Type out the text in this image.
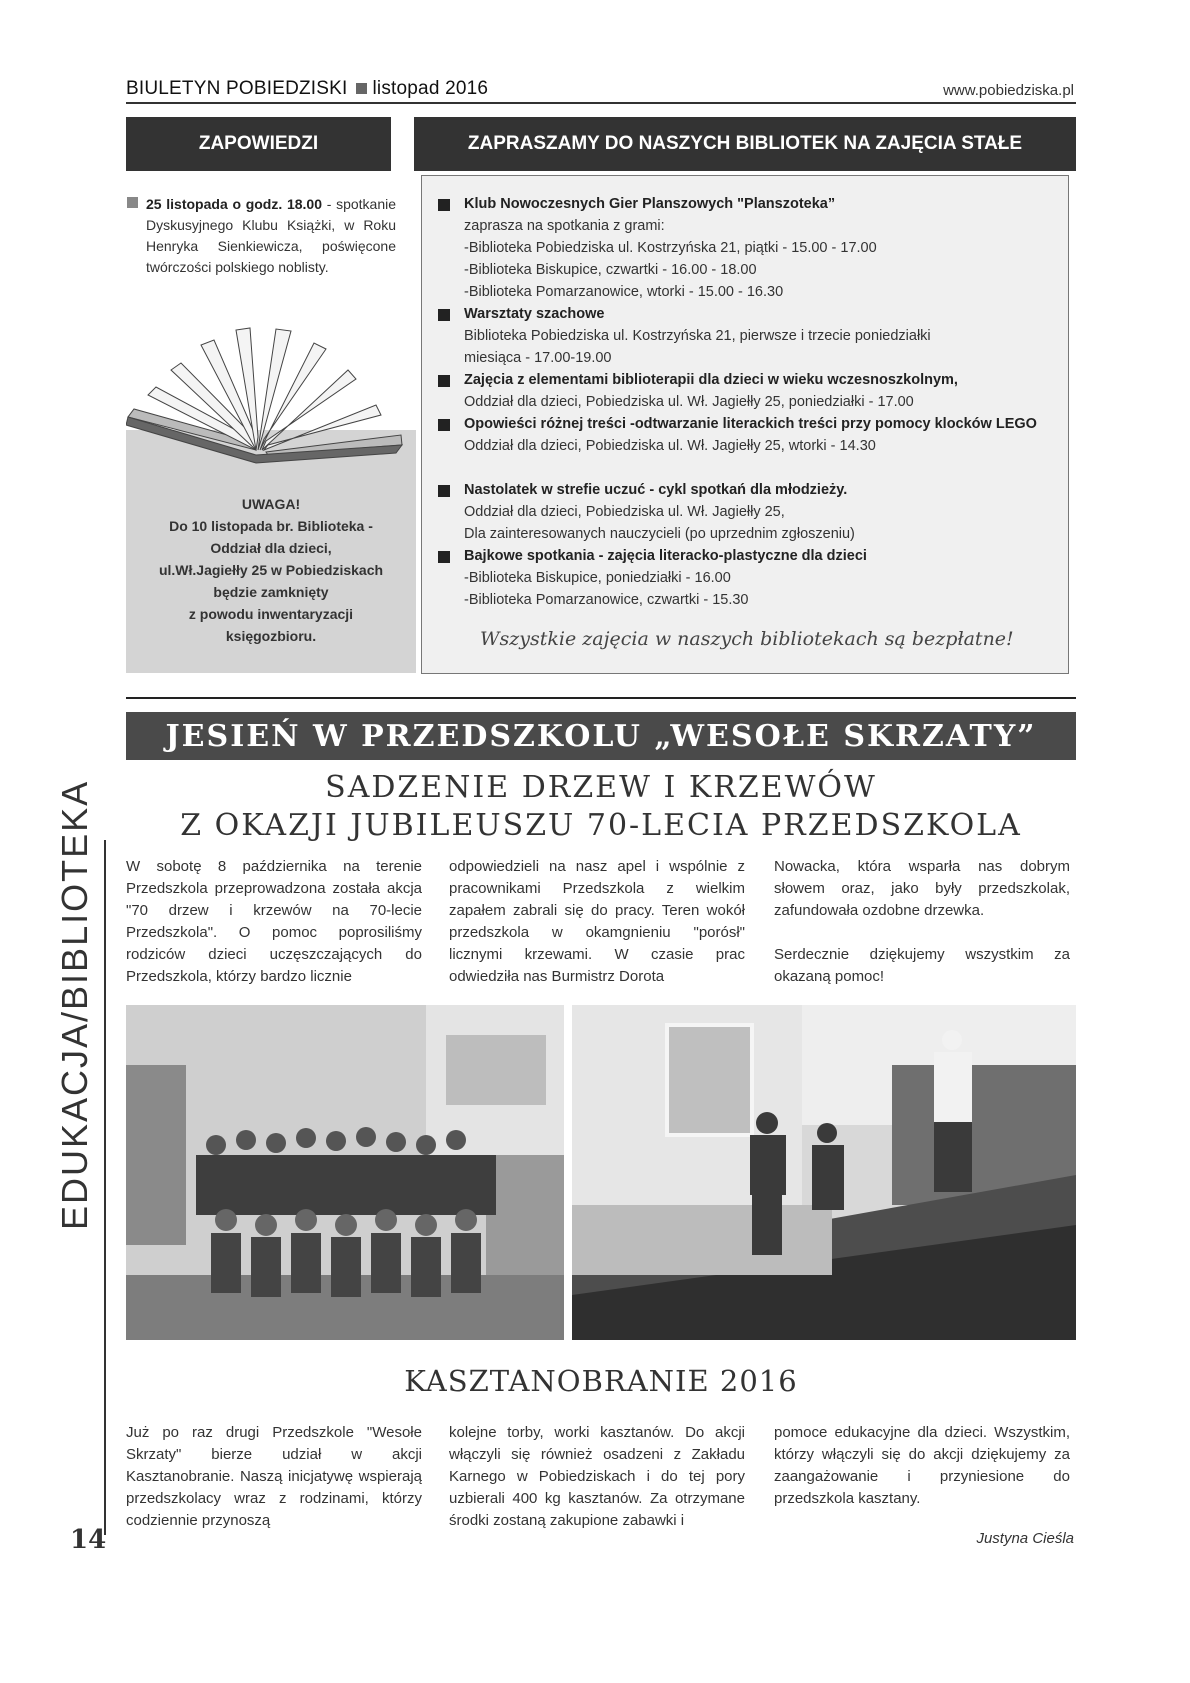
BIULETYN POBIEDZISKI listopad 2016	www.pobiedziska.pl
ZAPOWIEDZI
25 listopada o godz. 18.00 - spotkanie Dyskusyjnego Klubu Książki, w Roku Henryka Sienkiewicza, poświęcone twórczości polskiego noblisty.
UWAGA!
Do 10 listopada br. Biblioteka -
Oddział dla dzieci,
ul.Wł.Jagiełły 25 w Pobiedziskach
będzie zamknięty
z powodu inwentaryzacji
księgozbioru.
ZAPRASZAMY DO NASZYCH BIBLIOTEK NA ZAJĘCIA STAŁE
Klub Nowoczesnych Gier Planszowych "Planszoteka”
zaprasza na spotkania z grami:
-Biblioteka Pobiedziska ul. Kostrzyńska 21, piątki - 15.00 - 17.00
-Biblioteka Biskupice, czwartki - 16.00 - 18.00
-Biblioteka Pomarzanowice, wtorki - 15.00 - 16.30
Warsztaty szachowe
Biblioteka Pobiedziska ul. Kostrzyńska 21, pierwsze i trzecie poniedziałki
miesiąca - 17.00-19.00
Zajęcia z elementami biblioterapii dla dzieci w wieku wczesnoszkolnym,
Oddział dla dzieci, Pobiedziska ul. Wł. Jagiełły 25, poniedziałki - 17.00
Opowieści różnej treści -odtwarzanie literackich treści przy pomocy klocków LEGO
Oddział dla dzieci, Pobiedziska ul. Wł. Jagiełły 25, wtorki - 14.30
Nastolatek w strefie uczuć - cykl spotkań dla młodzieży.
Oddział dla dzieci, Pobiedziska ul. Wł. Jagiełły 25,
Dla zainteresowanych nauczycieli (po uprzednim zgłoszeniu)
Bajkowe spotkania - zajęcia literacko-plastyczne dla dzieci
-Biblioteka Biskupice, poniedziałki - 16.00
-Biblioteka Pomarzanowice, czwartki - 15.30
Wszystkie zajęcia w naszych bibliotekach są bezpłatne!
JESIEŃ W PRZEDSZKOLU „WESOŁE SKRZATY”
EDUKACJA/BIBLIOTEKA
14
SADZENIE DRZEW I KRZEWÓW
Z OKAZJI JUBILEUSZU 70-LECIA PRZEDSZKOLA
W sobotę 8 października na terenie Przedszkola przeprowadzona została akcja "70 drzew i krzewów na 70-lecie Przedszkola". O pomoc poprosiliśmy rodziców dzieci uczęszczających do Przedszkola, którzy bardzo licznie
odpowiedzieli na nasz apel i wspólnie z pracownikami Przedszkola z wielkim zapałem zabrali się do pracy. Teren wokół przedszkola w okamgnieniu "porósł" licznymi krzewami. W czasie prac odwiedziła nas Burmistrz Dorota
Nowacka, która wsparła nas dobrym słowem oraz, jako były przedszkolak, zafundowała ozdobne drzewka.
Serdecznie dziękujemy wszystkim za okazaną pomoc!
KASZTANOBRANIE 2016
Już po raz drugi Przedszkole "Wesołe Skrzaty" bierze udział w akcji Kasztanobranie. Naszą inicjatywę wspierają przedszkolacy wraz z rodzinami, którzy codziennie przynoszą
kolejne torby, worki kasztanów. Do akcji włączyli się również osadzeni z Zakładu Karnego w Pobiedziskach i do tej pory uzbierali 400 kg kasztanów. Za otrzymane środki zostaną zakupione zabawki i
pomoce edukacyjne dla dzieci. Wszystkim, którzy włączyli się do akcji dziękujemy za zaangażowanie i przyniesione do przedszkola kasztany.
Justyna Cieśla
